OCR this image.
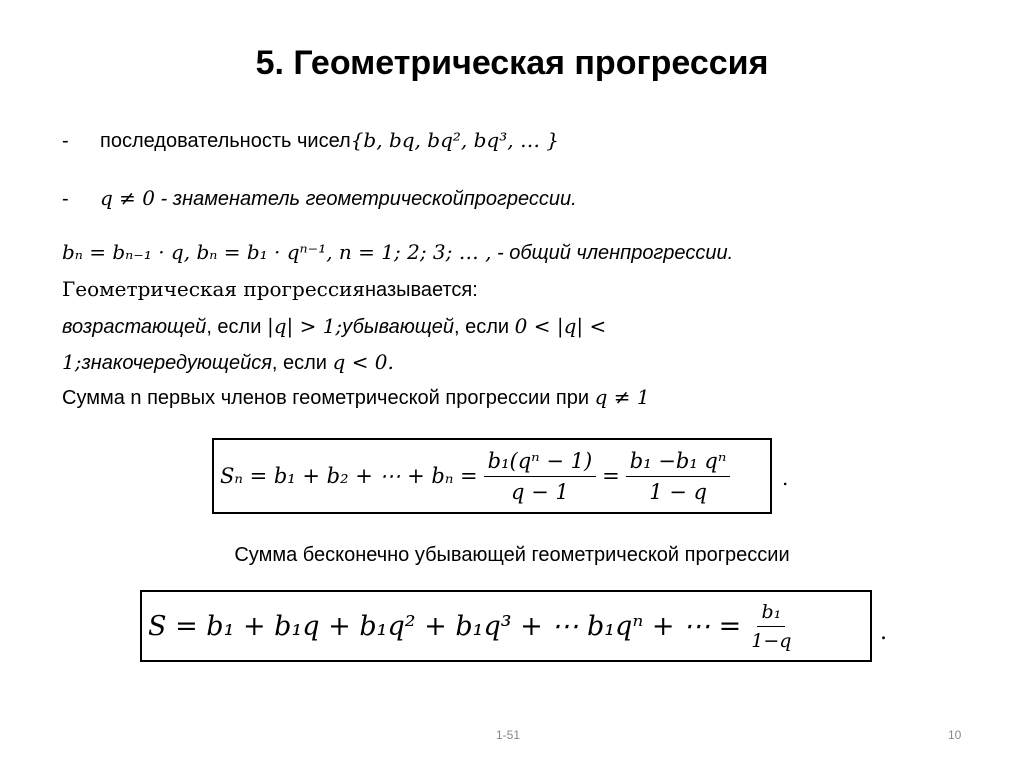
5. Геометрическая прогрессия
- последовательность чисел{b, bq, bq², bq³, … }
- q ≠ 0 - знаменатель геометрическойпрогрессии.
bₙ = bₙ₋₁ · q, bₙ = b₁ · qⁿ⁻¹, n = 1; 2; 3; … , - общий членпрогрессии.
Геометрическая прогрессияназывается:
возрастающей, если |q| > 1;убывающей, если 0 < |q| <
1;знакочередующейся, если q < 0.
Сумма n первых членов геометрической прогрессии при q ≠ 1
Sₙ = b₁ + b₂ + ⋯ + $b_n = \frac{\text{b₁(qⁿ − 1)}}{q - 1} = \frac{\text{b₁ −b₁ qⁿ}}{1 - q}$	.
Сумма бесконечно убывающей геометрической прогрессии
S = b₁ + b₁q + b₁q² + b₁q³ + ⋯ b₁qⁿ + ⋯ = $\frac{\text{b₁}}{1-q}$	.
1-51	10
